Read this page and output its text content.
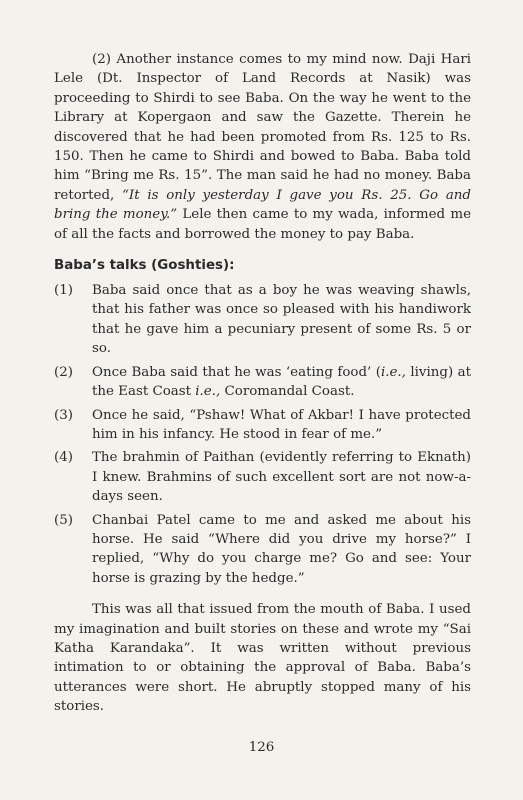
(2) Another instance comes to my mind now. Daji Hari Lele (Dt. Inspector of Land Records at Nasik) was proceeding to Shirdi to see Baba. On the way he went to the Library at Kopergaon and saw the Gazette. Therein he discovered that he had been promoted from Rs. 125 to Rs. 150. Then he came to Shirdi and bowed to Baba. Baba told him “Bring me Rs. 15”. The man said he had no money. Baba retorted, “It is only yesterday I gave you Rs. 25. Go and bring the money.” Lele then came to my wada, informed me of all the facts and borrowed the money to pay Baba.

Baba’s talks (Goshties):
(1)	Baba said once that as a boy he was weaving shawls, that his father was once so pleased with his handiwork that he gave him a pecuniary present of some Rs. 5 or so.
(2)	Once Baba said that he was ‘eating food’ (i.e., living) at the East Coast i.e., Coromandal Coast.
(3)	Once he said, “Pshaw! What of Akbar! I have protected him in his infancy. He stood in fear of me.”
(4)	The brahmin of Paithan (evidently referring to Eknath) I knew. Brahmins of such excellent sort are not now-a-days seen.
(5)	Chanbai Patel came to me and asked me about his horse. He said “Where did you drive my horse?” I replied, “Why do you charge me? Go and see: Your horse is grazing by the hedge.”

This was all that issued from the mouth of Baba. I used my imagination and built stories on these and wrote my “Sai Katha Karandaka”. It was written without previous intimation to or obtaining the approval of Baba. Baba’s utterances were short. He abruptly stopped many of his stories.

126
